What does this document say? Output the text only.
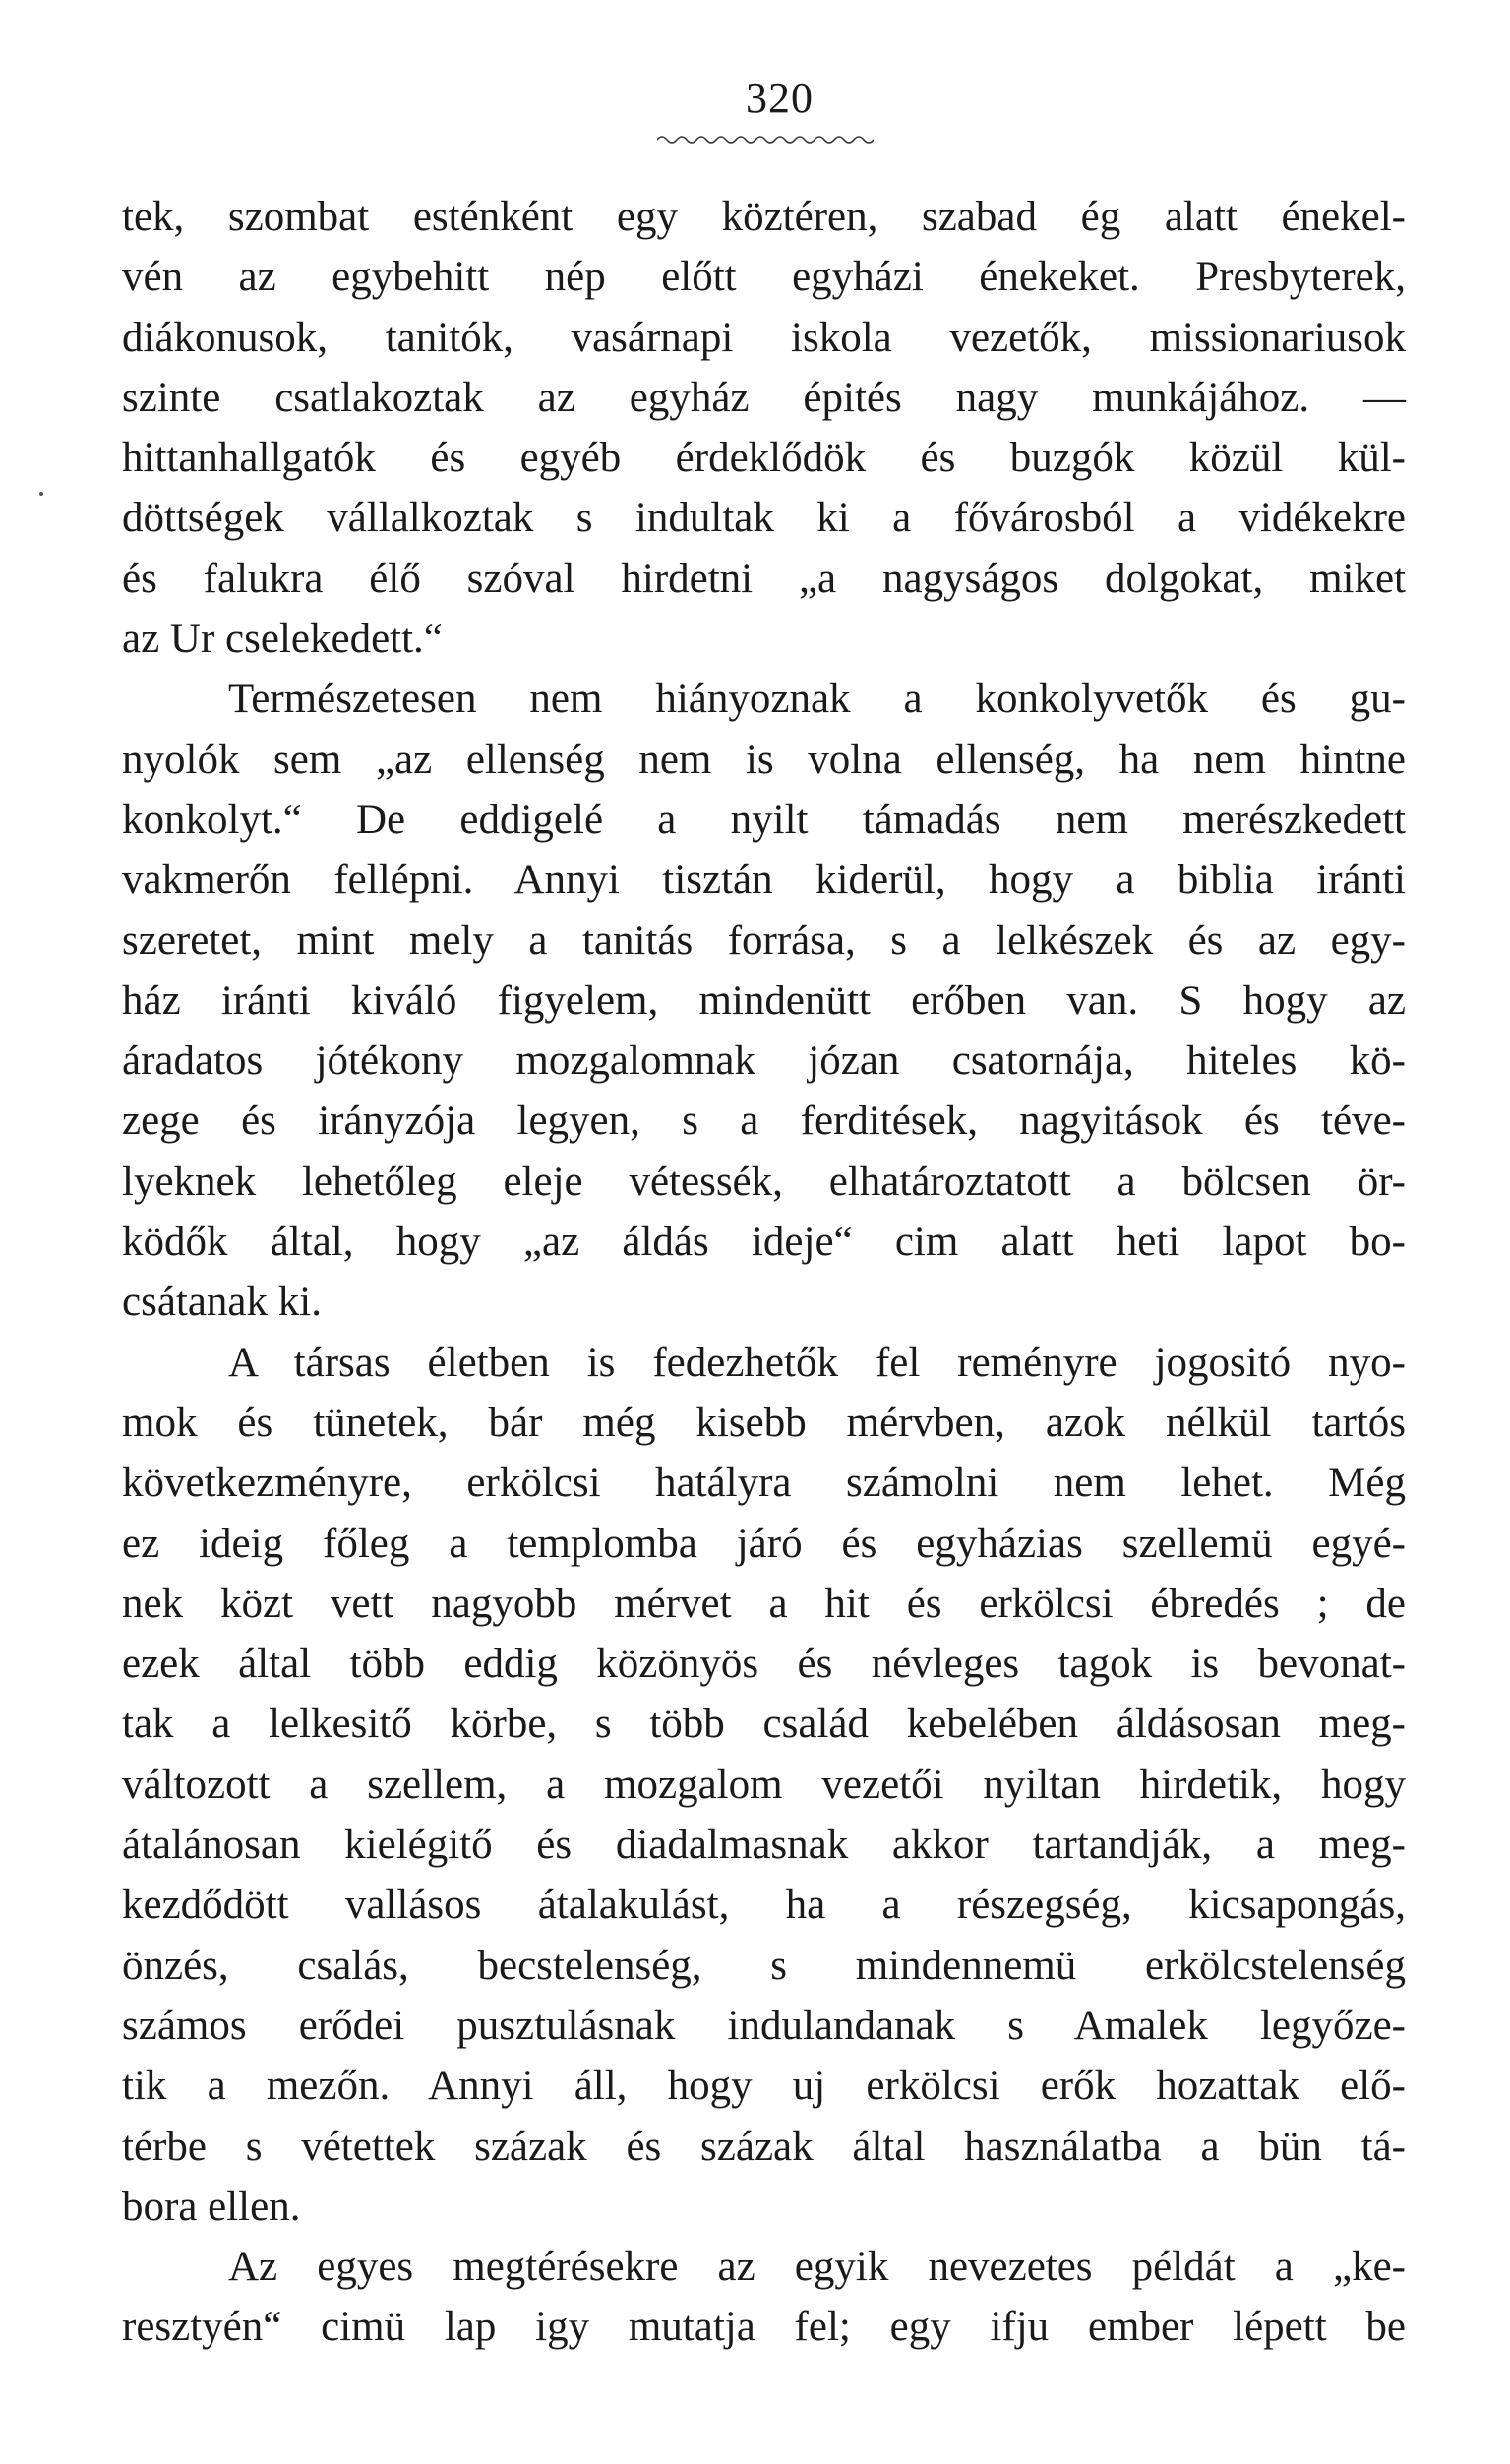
320
tek, szombat esténként egy köztéren, szabad ég alatt énekel-
vén az egybehitt nép előtt egyházi énekeket. Presbyterek,
diákonusok, tanitók, vasárnapi iskola vezetők, missionariusok
szinte csatlakoztak az egyház épités nagy munkájához. —
hittanhallgatók és egyéb érdeklődök és buzgók közül kül-
döttségek vállalkoztak s indultak ki a fővárosból a vidékekre
és falukra élő szóval hirdetni „a nagyságos dolgokat, miket
az Ur cselekedett.“
Természetesen nem hiányoznak a konkolyvetők és gu-
nyolók sem „az ellenség nem is volna ellenség, ha nem hintne
konkolyt.“ De eddigelé a nyilt támadás nem merészkedett
vakmerőn fellépni. Annyi tisztán kiderül, hogy a biblia iránti
szeretet, mint mely a tanitás forrása, s a lelkészek és az egy-
ház iránti kiváló figyelem, mindenütt erőben van. S hogy az
áradatos jótékony mozgalomnak józan csatornája, hiteles kö-
zege és irányzója legyen, s a ferditések, nagyitások és téve-
lyeknek lehetőleg eleje vétessék, elhatároztatott a bölcsen ör-
ködők által, hogy „az áldás ideje“ cim alatt heti lapot bo-
csátanak ki.
A társas életben is fedezhetők fel reményre jogositó nyo-
mok és tünetek, bár még kisebb mérvben, azok nélkül tartós
következményre, erkölcsi hatályra számolni nem lehet. Még
ez ideig főleg a templomba járó és egyházias szellemü egyé-
nek közt vett nagyobb mérvet a hit és erkölcsi ébredés ; de
ezek által több eddig közönyös és névleges tagok is bevonat-
tak a lelkesitő körbe, s több család kebelében áldásosan meg-
változott a szellem, a mozgalom vezetői nyiltan hirdetik, hogy
átalánosan kielégitő és diadalmasnak akkor tartandják, a meg-
kezdődött vallásos átalakulást, ha a részegség, kicsapongás,
önzés, csalás, becstelenség, s mindennemü erkölcstelenség
számos erődei pusztulásnak indulandanak s Amalek legyőzе-
tik a mezőn. Annyi áll, hogy uj erkölcsi erők hozattak elő-
térbe s vétettek százak és százak által használatba a bün tá-
bora ellen.
Az egyes megtérésekre az egyik nevezetes példát a „ke-
resztyén“ cimü lap igy mutatja fel; egy ifju ember lépett be
